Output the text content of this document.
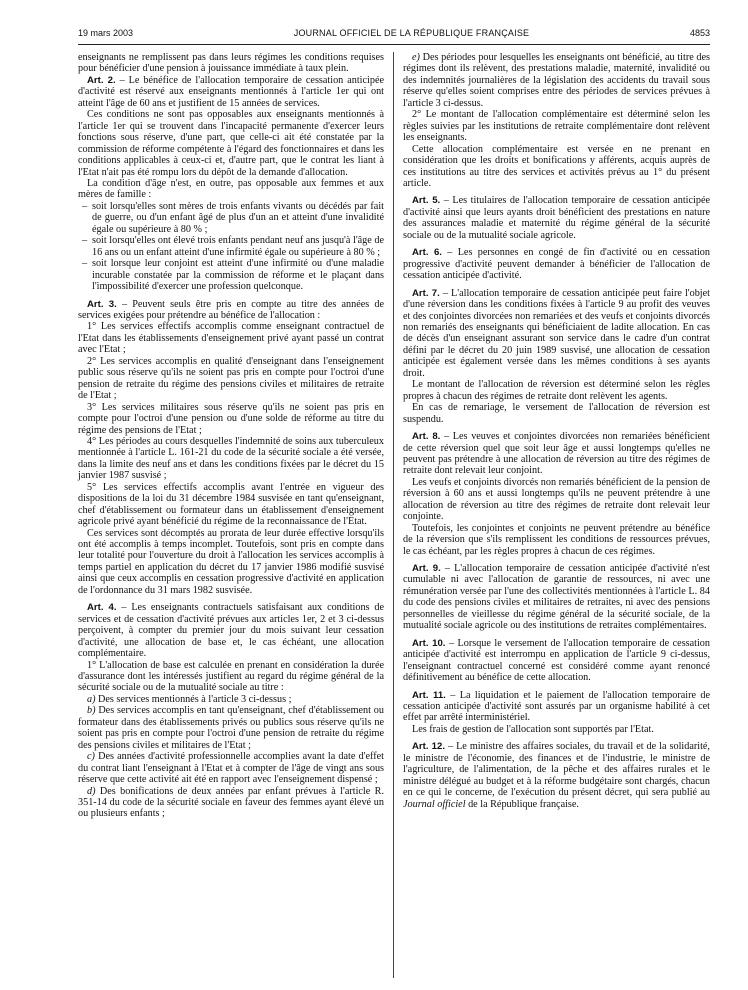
19 mars 2003	JOURNAL OFFICIEL DE LA RÉPUBLIQUE FRANÇAISE	4853

enseignants ne remplissent pas dans leurs régimes les conditions requises pour bénéficier d'une pension à jouissance immédiate à taux plein.

Art. 2. – Le bénéfice de l'allocation temporaire de cessation anticipée d'activité est réservé aux enseignants mentionnés à l'article 1er qui ont atteint l'âge de 60 ans et justifient de 15 années de services.

Ces conditions ne sont pas opposables aux enseignants mentionnés à l'article 1er qui se trouvent dans l'incapacité permanente d'exercer leurs fonctions sous réserve, d'une part, que celle-ci ait été constatée par la commission de réforme compétente à l'égard des fonctionnaires et dans les conditions applicables à ceux-ci et, d'autre part, que le contrat les liant à l'Etat n'ait pas été rompu lors du dépôt de la demande d'allocation.

La condition d'âge n'est, en outre, pas opposable aux femmes et aux mères de famille :

– soit lorsqu'elles sont mères de trois enfants vivants ou décédés par fait de guerre, ou d'un enfant âgé de plus d'un an et atteint d'une invalidité égale ou supérieure à 80 % ;
– soit lorsqu'elles ont élevé trois enfants pendant neuf ans jusqu'à l'âge de 16 ans ou un enfant atteint d'une infirmité égale ou supérieure à 80 % ;
– soit lorsque leur conjoint est atteint d'une infirmité ou d'une maladie incurable constatée par la commission de réforme et le plaçant dans l'impossibilité d'exercer une profession quelconque.

Art. 3. – Peuvent seuls être pris en compte au titre des années de services exigées pour prétendre au bénéfice de l'allocation :

1° Les services effectifs accomplis comme enseignant contractuel de l'Etat dans les établissements d'enseignement privé ayant passé un contrat avec l'Etat ;

2° Les services accomplis en qualité d'enseignant dans l'enseignement public sous réserve qu'ils ne soient pas pris en compte pour l'octroi d'une pension de retraite du régime des pensions civiles et militaires de retraite de l'Etat ;

3° Les services militaires sous réserve qu'ils ne soient pas pris en compte pour l'octroi d'une pension ou d'une solde de réforme au titre du régime des pensions de l'Etat ;

4° Les périodes au cours desquelles l'indemnité de soins aux tuberculeux mentionnée à l'article L. 161-21 du code de la sécurité sociale a été versée, dans la limite des neuf ans et dans les conditions fixées par le décret du 15 janvier 1987 susvisé ;

5° Les services effectifs accomplis avant l'entrée en vigueur des dispositions de la loi du 31 décembre 1984 susvisée en tant qu'enseignant, chef d'établissement ou formateur dans un établissement d'enseignement agricole privé ayant bénéficié du régime de la reconnaissance de l'Etat.

Ces services sont décomptés au prorata de leur durée effective lorsqu'ils ont été accomplis à temps incomplet. Toutefois, sont pris en compte dans leur totalité pour l'ouverture du droit à l'allocation les services accomplis à temps partiel en application du décret du 17 janvier 1986 modifié susvisé ainsi que ceux accomplis en cessation progressive d'activité en application de l'ordonnance du 31 mars 1982 susvisée.

Art. 4. – Les enseignants contractuels satisfaisant aux conditions de services et de cessation d'activité prévues aux articles 1er, 2 et 3 ci-dessus perçoivent, à compter du premier jour du mois suivant leur cessation d'activité, une allocation de base et, le cas échéant, une allocation complémentaire.

1° L'allocation de base est calculée en prenant en considération la durée d'assurance dont les intéressés justifient au regard du régime général de la sécurité sociale ou de la mutualité sociale au titre :

a) Des services mentionnés à l'article 3 ci-dessus ;

b) Des services accomplis en tant qu'enseignant, chef d'établissement ou formateur dans des établissements privés ou publics sous réserve qu'ils ne soient pas pris en compte pour l'octroi d'une pension de retraite du régime des pensions civiles et militaires de l'Etat ;

c) Des années d'activité professionnelle accomplies avant la date d'effet du contrat liant l'enseignant à l'Etat et à compter de l'âge de vingt ans sous réserve que cette activité ait été en rapport avec l'enseignement dispensé ;

d) Des bonifications de deux années par enfant prévues à l'article R. 351-14 du code de la sécurité sociale en faveur des femmes ayant élevé un ou plusieurs enfants ;

e) Des périodes pour lesquelles les enseignants ont bénéficié, au titre des régimes dont ils relèvent, des prestations maladie, maternité, invalidité ou des indemnités journalières de la législation des accidents du travail sous réserve qu'elles soient comprises entre des périodes de services prévues à l'article 3 ci-dessus.

2° Le montant de l'allocation complémentaire est déterminé selon les règles suivies par les institutions de retraite complémentaire dont relèvent les enseignants.

Cette allocation complémentaire est versée en ne prenant en considération que les droits et bonifications y afférents, acquis auprès de ces institutions au titre des services et activités prévus au 1° du présent article.

Art. 5. – Les titulaires de l'allocation temporaire de cessation anticipée d'activité ainsi que leurs ayants droit bénéficient des prestations en nature des assurances maladie et maternité du régime général de la sécurité sociale ou de la mutualité sociale agricole.

Art. 6. – Les personnes en congé de fin d'activité ou en cessation progressive d'activité peuvent demander à bénéficier de l'allocation de cessation anticipée d'activité.

Art. 7. – L'allocation temporaire de cessation anticipée peut faire l'objet d'une réversion dans les conditions fixées à l'article 9 au profit des veuves et des conjointes divorcées non remariées et des veufs et conjoints divorcés non remariés des enseignants qui bénéficiaient de ladite allocation. En cas de décès d'un enseignant assurant son service dans le cadre d'un contrat défini par le décret du 20 juin 1989 susvisé, une allocation de cessation anticipée est également versée dans les mêmes conditions à ses ayants droit.

Le montant de l'allocation de réversion est déterminé selon les règles propres à chacun des régimes de retraite dont relèvent les agents.

En cas de remariage, le versement de l'allocation de réversion est suspendu.

Art. 8. – Les veuves et conjointes divorcées non remariées bénéficient de cette réversion quel que soit leur âge et aussi longtemps qu'elles ne peuvent pas prétendre à une allocation de réversion au titre des régimes de retraite dont relevait leur conjoint.

Les veufs et conjoints divorcés non remariés bénéficient de la pension de réversion à 60 ans et aussi longtemps qu'ils ne peuvent prétendre à une allocation de réversion au titre des régimes de retraite dont relevait leur conjointe.

Toutefois, les conjointes et conjoints ne peuvent prétendre au bénéfice de la réversion que s'ils remplissent les conditions de ressources prévues, le cas échéant, par les règles propres à chacun de ces régimes.

Art. 9. – L'allocation temporaire de cessation anticipée d'activité n'est cumulable ni avec l'allocation de garantie de ressources, ni avec une rémunération versée par l'une des collectivités mentionnées à l'article L. 84 du code des pensions civiles et militaires de retraites, ni avec des pensions personnelles de vieillesse du régime général de la sécurité sociale, de la mutualité sociale agricole ou des institutions de retraites complémentaires.

Art. 10. – Lorsque le versement de l'allocation temporaire de cessation anticipée d'activité est interrompu en application de l'article 9 ci-dessus, l'enseignant contractuel concerné est considéré comme ayant renoncé définitivement au bénéfice de cette allocation.

Art. 11. – La liquidation et le paiement de l'allocation temporaire de cessation anticipée d'activité sont assurés par un organisme habilité à cet effet par arrêté interministériel.

Les frais de gestion de l'allocation sont supportés par l'Etat.

Art. 12. – Le ministre des affaires sociales, du travail et de la solidarité, le ministre de l'économie, des finances et de l'industrie, le ministre de l'agriculture, de l'alimentation, de la pêche et des affaires rurales et le ministre délégué au budget et à la réforme budgétaire sont chargés, chacun en ce qui le concerne, de l'exécution du présent décret, qui sera publié au Journal officiel de la République française.
